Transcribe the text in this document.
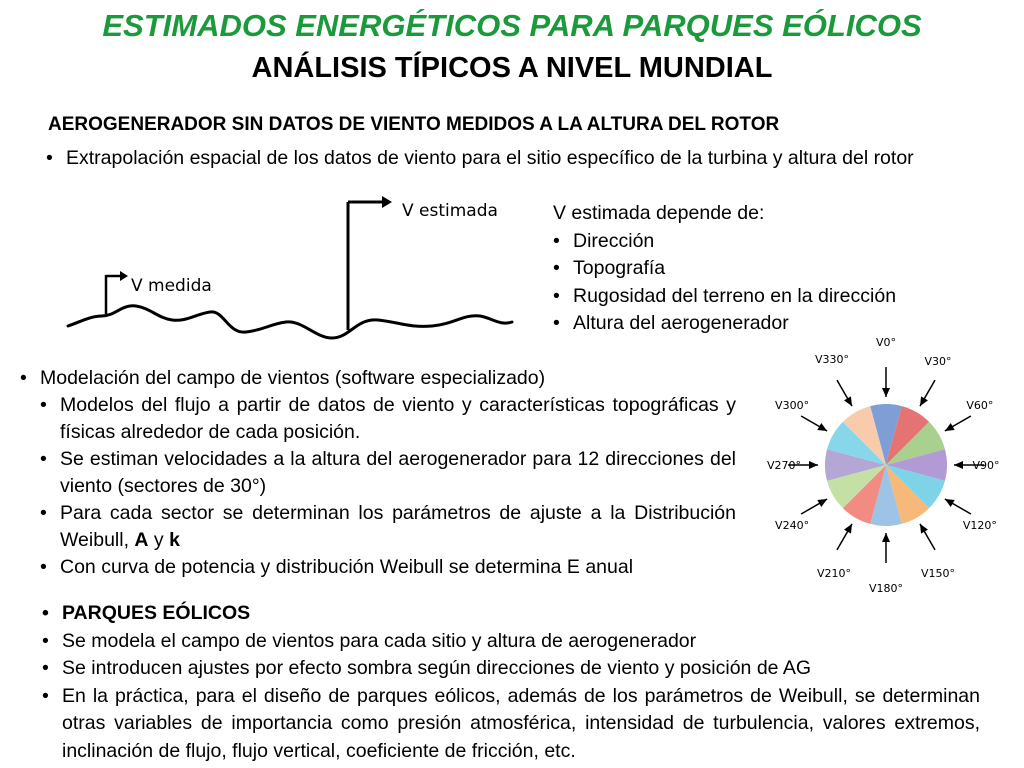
ESTIMADOS ENERGÉTICOS PARA PARQUES EÓLICOS
ANÁLISIS TÍPICOS A NIVEL MUNDIAL
AEROGENERADOR SIN DATOS DE VIENTO MEDIDOS A LA ALTURA DEL ROTOR
• Extrapolación espacial de los datos de viento para el sitio específico de la turbina y altura del rotor
V estimada
V medida
V estimada depende de:
• Dirección
• Topografía
• Rugosidad del terreno en la dirección
• Altura del aerogenerador
• Modelación del campo de vientos (software especializado)
• Modelos del flujo a partir de datos de viento y características topográficas y físicas alrededor de cada posición.
• Se estiman velocidades a la altura del aerogenerador para 12 direcciones del viento (sectores de 30°)
• Para cada sector se determinan los parámetros de ajuste a la Distribución Weibull, A y k
• Con curva de potencia y distribución Weibull se determina E anual
V0°
V30°
V60°
V90°
V120°
V150°
V180°
V210°
V240°
V270°
V300°
V330°
• PARQUES EÓLICOS
• Se modela el campo de vientos para cada sitio y altura de aerogenerador
• Se introducen ajustes por efecto sombra según direcciones de viento y posición de AG
• En la práctica, para el diseño de parques eólicos, además de los parámetros de Weibull, se determinan otras variables de importancia como presión atmosférica, intensidad de turbulencia, valores extremos, inclinación de flujo, flujo vertical, coeficiente de fricción, etc.
